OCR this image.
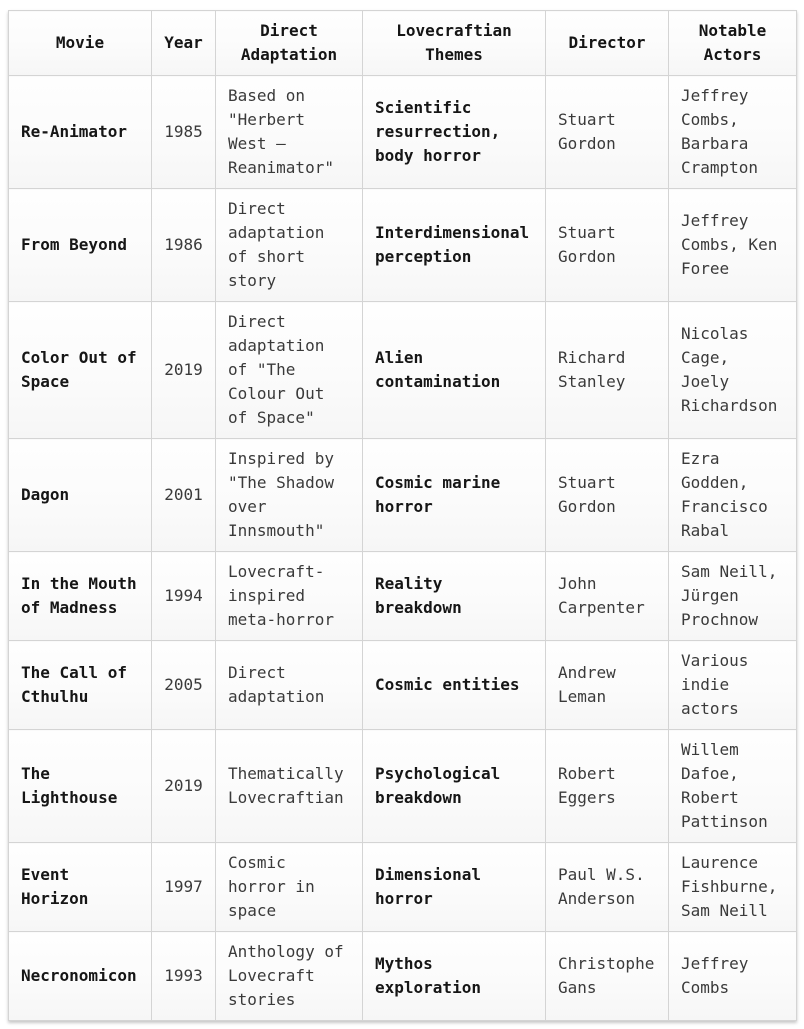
Movie	Year	Direct Adaptation	Lovecraftian Themes	Director	Notable Actors
Re-Animator	1985	Based on "Herbert West – Reanimator"	Scientific resurrection, body horror	Stuart Gordon	Jeffrey Combs, Barbara Crampton
From Beyond	1986	Direct adaptation of short story	Interdimensional perception	Stuart Gordon	Jeffrey Combs, Ken Foree
Color Out of Space	2019	Direct adaptation of "The Colour Out of Space"	Alien contamination	Richard Stanley	Nicolas Cage, Joely Richardson
Dagon	2001	Inspired by "The Shadow over Innsmouth"	Cosmic marine horror	Stuart Gordon	Ezra Godden, Francisco Rabal
In the Mouth of Madness	1994	Lovecraft-inspired meta-horror	Reality breakdown	John Carpenter	Sam Neill, Jürgen Prochnow
The Call of Cthulhu	2005	Direct adaptation	Cosmic entities	Andrew Leman	Various indie actors
The Lighthouse	2019	Thematically Lovecraftian	Psychological breakdown	Robert Eggers	Willem Dafoe, Robert Pattinson
Event Horizon	1997	Cosmic horror in space	Dimensional horror	Paul W.S. Anderson	Laurence Fishburne, Sam Neill
Necronomicon	1993	Anthology of Lovecraft stories	Mythos exploration	Christophe Gans	Jeffrey Combs
